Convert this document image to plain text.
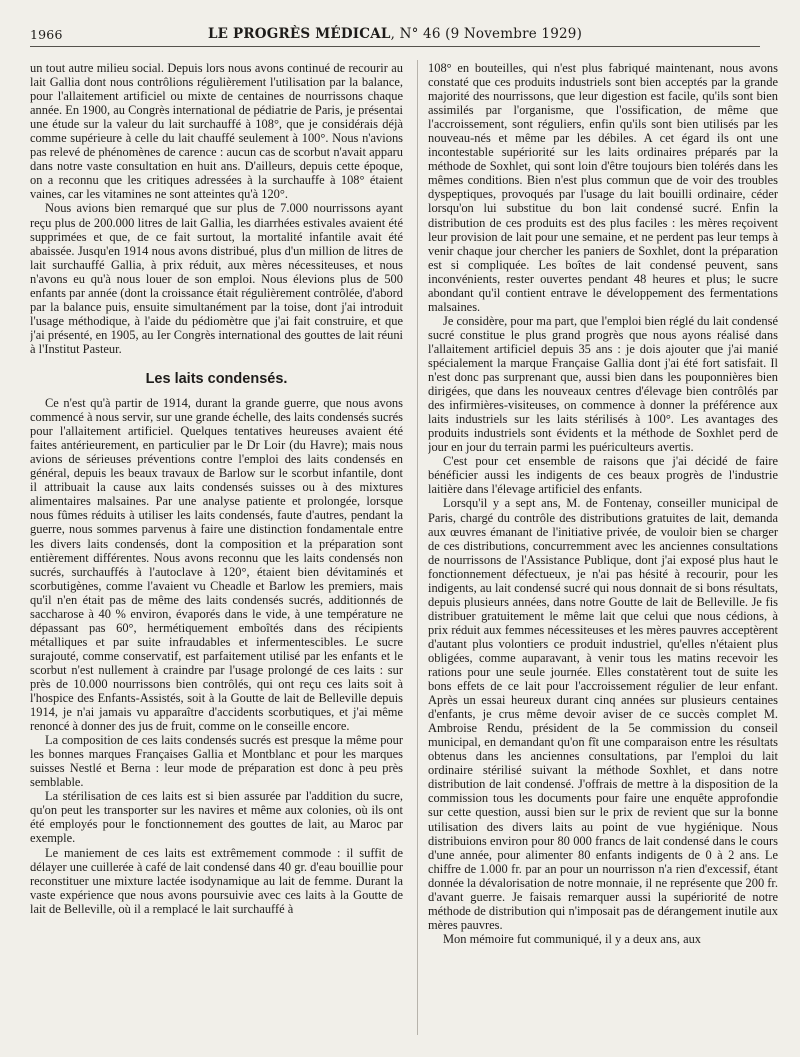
1966	LE PROGRÈS MÉDICAL, N° 46 (9 Novembre 1929)

un tout autre milieu social. Depuis lors nous avons continué de recourir au lait Gallia dont nous contrôlions régulièrement l'utilisation par la balance, pour l'allaitement artificiel ou mixte de centaines de nourrissons chaque année. En 1900, au Congrès international de pédiatrie de Paris, je présentai une étude sur la valeur du lait surchauffé à 108°, que je considérais déjà comme supérieure à celle du lait chauffé seulement à 100°. Nous n'avions pas relevé de phénomènes de carence : aucun cas de scorbut n'avait apparu dans notre vaste consultation en huit ans. D'ailleurs, depuis cette époque, on a reconnu que les critiques adressées à la surchauffe à 108° étaient vaines, car les vitamines ne sont atteintes qu'à 120°.

Nous avions bien remarqué que sur plus de 7.000 nourrissons ayant reçu plus de 200.000 litres de lait Gallia, les diarrhées estivales avaient été supprimées et que, de ce fait surtout, la mortalité infantile avait été abaissée. Jusqu'en 1914 nous avons distribué, plus d'un million de litres de lait surchauffé Gallia, à prix réduit, aux mères nécessiteuses, et nous n'avons eu qu'à nous louer de son emploi. Nous élevions plus de 500 enfants par année (dont la croissance était régulièrement contrôlée, d'abord par la balance puis, ensuite simultanément par la toise, dont j'ai introduit l'usage méthodique, à l'aide du pédiomètre que j'ai fait construire, et que j'ai présenté, en 1905, au Ier Congrès international des gouttes de lait réuni à l'Institut Pasteur.

Les laits condensés.

Ce n'est qu'à partir de 1914, durant la grande guerre, que nous avons commencé à nous servir, sur une grande échelle, des laits condensés sucrés pour l'allaitement artificiel. Quelques tentatives heureuses avaient été faites antérieurement, en particulier par le Dr Loir (du Havre); mais nous avions de sérieuses préventions contre l'emploi des laits condensés en général, depuis les beaux travaux de Barlow sur le scorbut infantile, dont il attribuait la cause aux laits condensés suisses ou à des mixtures alimentaires malsaines. Par une analyse patiente et prolongée, lorsque nous fûmes réduits à utiliser les laits condensés, faute d'autres, pendant la guerre, nous sommes parvenus à faire une distinction fondamentale entre les divers laits condensés, dont la composition et la préparation sont entièrement différentes. Nous avons reconnu que les laits condensés non sucrés, surchauffés à l'autoclave à 120°, étaient bien dévitaminés et scorbutigènes, comme l'avaient vu Cheadle et Barlow les premiers, mais qu'il n'en était pas de même des laits condensés sucrés, additionnés de saccharose à 40 % environ, évaporés dans le vide, à une température ne dépassant pas 60°, hermétiquement emboîtés dans des récipients métalliques et par suite infraudables et infermentescibles. Le sucre surajouté, comme conservatif, est parfaitement utilisé par les enfants et le scorbut n'est nullement à craindre par l'usage prolongé de ces laits : sur près de 10.000 nourrissons bien contrôlés, qui ont reçu ces laits soit à l'hospice des Enfants-Assistés, soit à la Goutte de lait de Belleville depuis 1914, je n'ai jamais vu apparaître d'accidents scorbutiques, et j'ai même renoncé à donner des jus de fruit, comme on le conseille encore.

La composition de ces laits condensés sucrés est presque la même pour les bonnes marques Françaises Gallia et Montblanc et pour les marques suisses Nestlé et Berna : leur mode de préparation est donc à peu près semblable.

La stérilisation de ces laits est si bien assurée par l'addition du sucre, qu'on peut les transporter sur les navires et même aux colonies, où ils ont été employés pour le fonctionnement des gouttes de lait, au Maroc par exemple.

Le maniement de ces laits est extrêmement commode : il suffit de délayer une cuillerée à café de lait condensé dans 40 gr. d'eau bouillie pour reconstituer une mixture lactée isodynamique au lait de femme. Durant la vaste expérience que nous avons poursuivie avec ces laits à la Goutte de lait de Belleville, où il a remplacé le lait surchauffé à

108° en bouteilles, qui n'est plus fabriqué maintenant, nous avons constaté que ces produits industriels sont bien acceptés par la grande majorité des nourrissons, que leur digestion est facile, qu'ils sont bien assimilés par l'organisme, que l'ossification, de même que l'accroissement, sont réguliers, enfin qu'ils sont bien utilisés par les nouveau-nés et même par les débiles. A cet égard ils ont une incontestable supériorité sur les laits ordinaires préparés par la méthode de Soxhlet, qui sont loin d'être toujours bien tolérés dans les mêmes conditions. Bien n'est plus commun que de voir des troubles dyspeptiques, provoqués par l'usage du lait bouilli ordinaire, céder lorsqu'on lui substitue du bon lait condensé sucré. Enfin la distribution de ces produits est des plus faciles : les mères reçoivent leur provision de lait pour une semaine, et ne perdent pas leur temps à venir chaque jour chercher les paniers de Soxhlet, dont la préparation est si compliquée. Les boîtes de lait condensé peuvent, sans inconvénients, rester ouvertes pendant 48 heures et plus; le sucre abondant qu'il contient entrave le développement des fermentations malsaines.

Je considère, pour ma part, que l'emploi bien réglé du lait condensé sucré constitue le plus grand progrès que nous ayons réalisé dans l'allaitement artificiel depuis 35 ans : je dois ajouter que j'ai manié spécialement la marque Française Gallia dont j'ai été fort satisfait. Il n'est donc pas surprenant que, aussi bien dans les pouponnières bien dirigées, que dans les nouveaux centres d'élevage bien contrôlés par des infirmières-visiteuses, on commence à donner la préférence aux laits industriels sur les laits stérilisés à 100°. Les avantages des produits industriels sont évidents et la méthode de Soxhlet perd de jour en jour du terrain parmi les puériculteurs avertis.

C'est pour cet ensemble de raisons que j'ai décidé de faire bénéficier aussi les indigents de ces beaux progrès de l'industrie laitière dans l'élevage artificiel des enfants.

Lorsqu'il y a sept ans, M. de Fontenay, conseiller municipal de Paris, chargé du contrôle des distributions gratuites de lait, demanda aux œuvres émanant de l'initiative privée, de vouloir bien se charger de ces distributions, concurremment avec les anciennes consultations de nourrissons de l'Assistance Publique, dont j'ai exposé plus haut le fonctionnement défectueux, je n'ai pas hésité à recourir, pour les indigents, au lait condensé sucré qui nous donnait de si bons résultats, depuis plusieurs années, dans notre Goutte de lait de Belleville. Je fis distribuer gratuitement le même lait que celui que nous cédions, à prix réduit aux femmes nécessiteuses et les mères pauvres acceptèrent d'autant plus volontiers ce produit industriel, qu'elles n'étaient plus obligées, comme auparavant, à venir tous les matins recevoir les rations pour une seule journée. Elles constatèrent tout de suite les bons effets de ce lait pour l'accroissement régulier de leur enfant. Après un essai heureux durant cinq années sur plusieurs centaines d'enfants, je crus même devoir aviser de ce succès complet M. Ambroise Rendu, président de la 5e commission du conseil municipal, en demandant qu'on fît une comparaison entre les résultats obtenus dans les anciennes consultations, par l'emploi du lait ordinaire stérilisé suivant la méthode Soxhlet, et dans notre distribution de lait condensé. J'offrais de mettre à la disposition de la commission tous les documents pour faire une enquête approfondie sur cette question, aussi bien sur le prix de revient que sur la bonne utilisation des divers laits au point de vue hygiénique. Nous distribuions environ pour 80 000 francs de lait condensé dans le cours d'une année, pour alimenter 80 enfants indigents de 0 à 2 ans. Le chiffre de 1.000 fr. par an pour un nourrisson n'a rien d'excessif, étant donnée la dévalorisation de notre monnaie, il ne représente que 200 fr. d'avant guerre. Je faisais remarquer aussi la supériorité de notre méthode de distribution qui n'imposait pas de dérangement inutile aux mères pauvres.

Mon mémoire fut communiqué, il y a deux ans, aux
